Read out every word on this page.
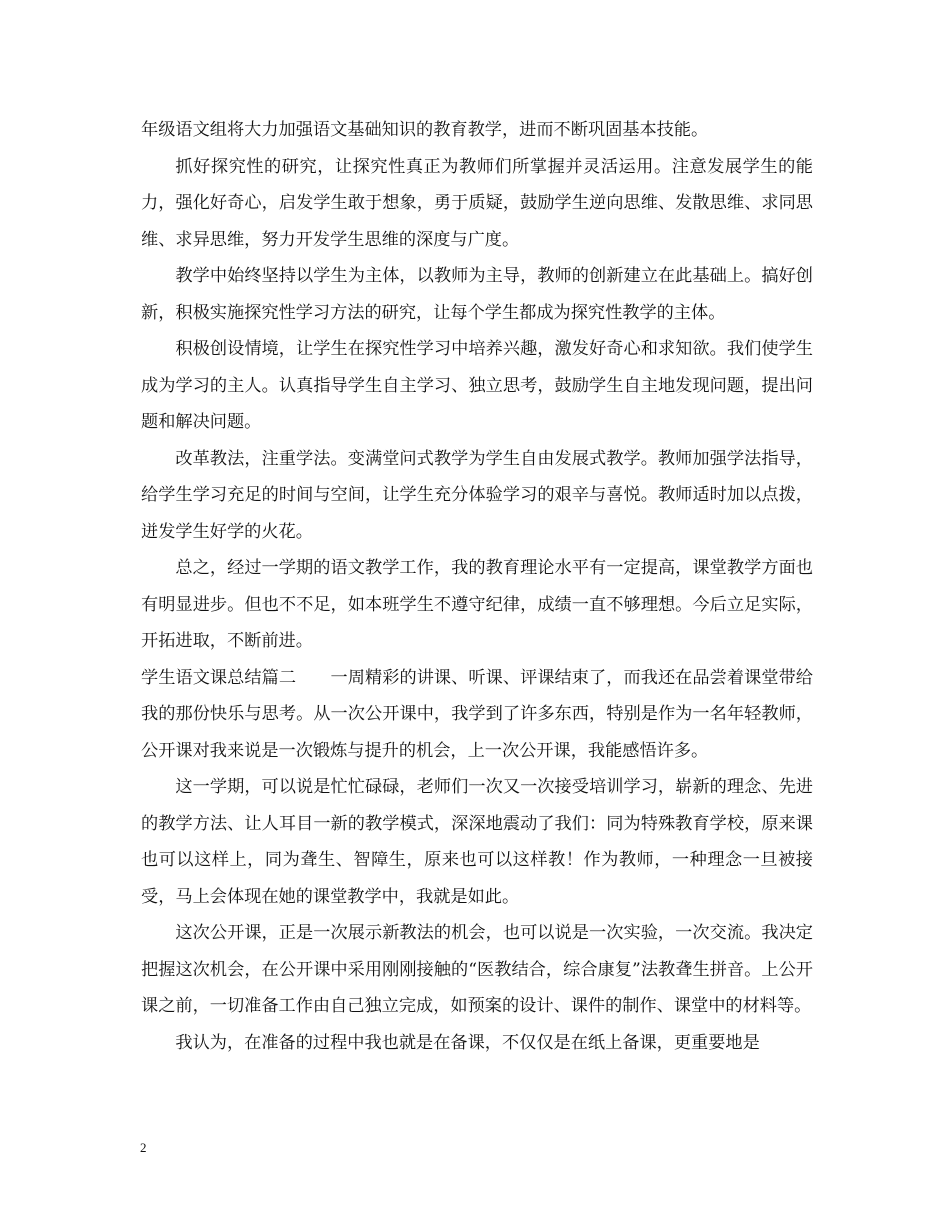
年级语文组将大力加强语文基础知识的教育教学，进而不断巩固基本技能。

抓好探究性的研究，让探究性真正为教师们所掌握并灵活运用。注意发展学生的能力，强化好奇心，启发学生敢于想象，勇于质疑，鼓励学生逆向思维、发散思维、求同思维、求异思维，努力开发学生思维的深度与广度。

教学中始终坚持以学生为主体，以教师为主导，教师的创新建立在此基础上。搞好创新，积极实施探究性学习方法的研究，让每个学生都成为探究性教学的主体。

积极创设情境，让学生在探究性学习中培养兴趣，激发好奇心和求知欲。我们使学生成为学习的主人。认真指导学生自主学习、独立思考，鼓励学生自主地发现问题，提出问题和解决问题。

改革教法，注重学法。变满堂问式教学为学生自由发展式教学。教师加强学法指导，给学生学习充足的时间与空间，让学生充分体验学习的艰辛与喜悦。教师适时加以点拨，迸发学生好学的火花。

总之，经过一学期的语文教学工作，我的教育理论水平有一定提高，课堂教学方面也有明显进步。但也不不足，如本班学生不遵守纪律，成绩一直不够理想。今后立足实际，开拓进取，不断前进。

学生语文课总结篇二　　一周精彩的讲课、听课、评课结束了，而我还在品尝着课堂带给我的那份快乐与思考。从一次公开课中，我学到了许多东西，特别是作为一名年轻教师，公开课对我来说是一次锻炼与提升的机会，上一次公开课，我能感悟许多。

这一学期，可以说是忙忙碌碌，老师们一次又一次接受培训学习，崭新的理念、先进的教学方法、让人耳目一新的教学模式，深深地震动了我们：同为特殊教育学校，原来课也可以这样上，同为聋生、智障生，原来也可以这样教！作为教师，一种理念一旦被接受，马上会体现在她的课堂教学中，我就是如此。

这次公开课，正是一次展示新教法的机会，也可以说是一次实验，一次交流。我决定把握这次机会，在公开课中采用刚刚接触的“医教结合，综合康复”法教聋生拼音。上公开课之前，一切准备工作由自己独立完成，如预案的设计、课件的制作、课堂中的材料等。

我认为，在准备的过程中我也就是在备课，不仅仅是在纸上备课，更重要地是

2
